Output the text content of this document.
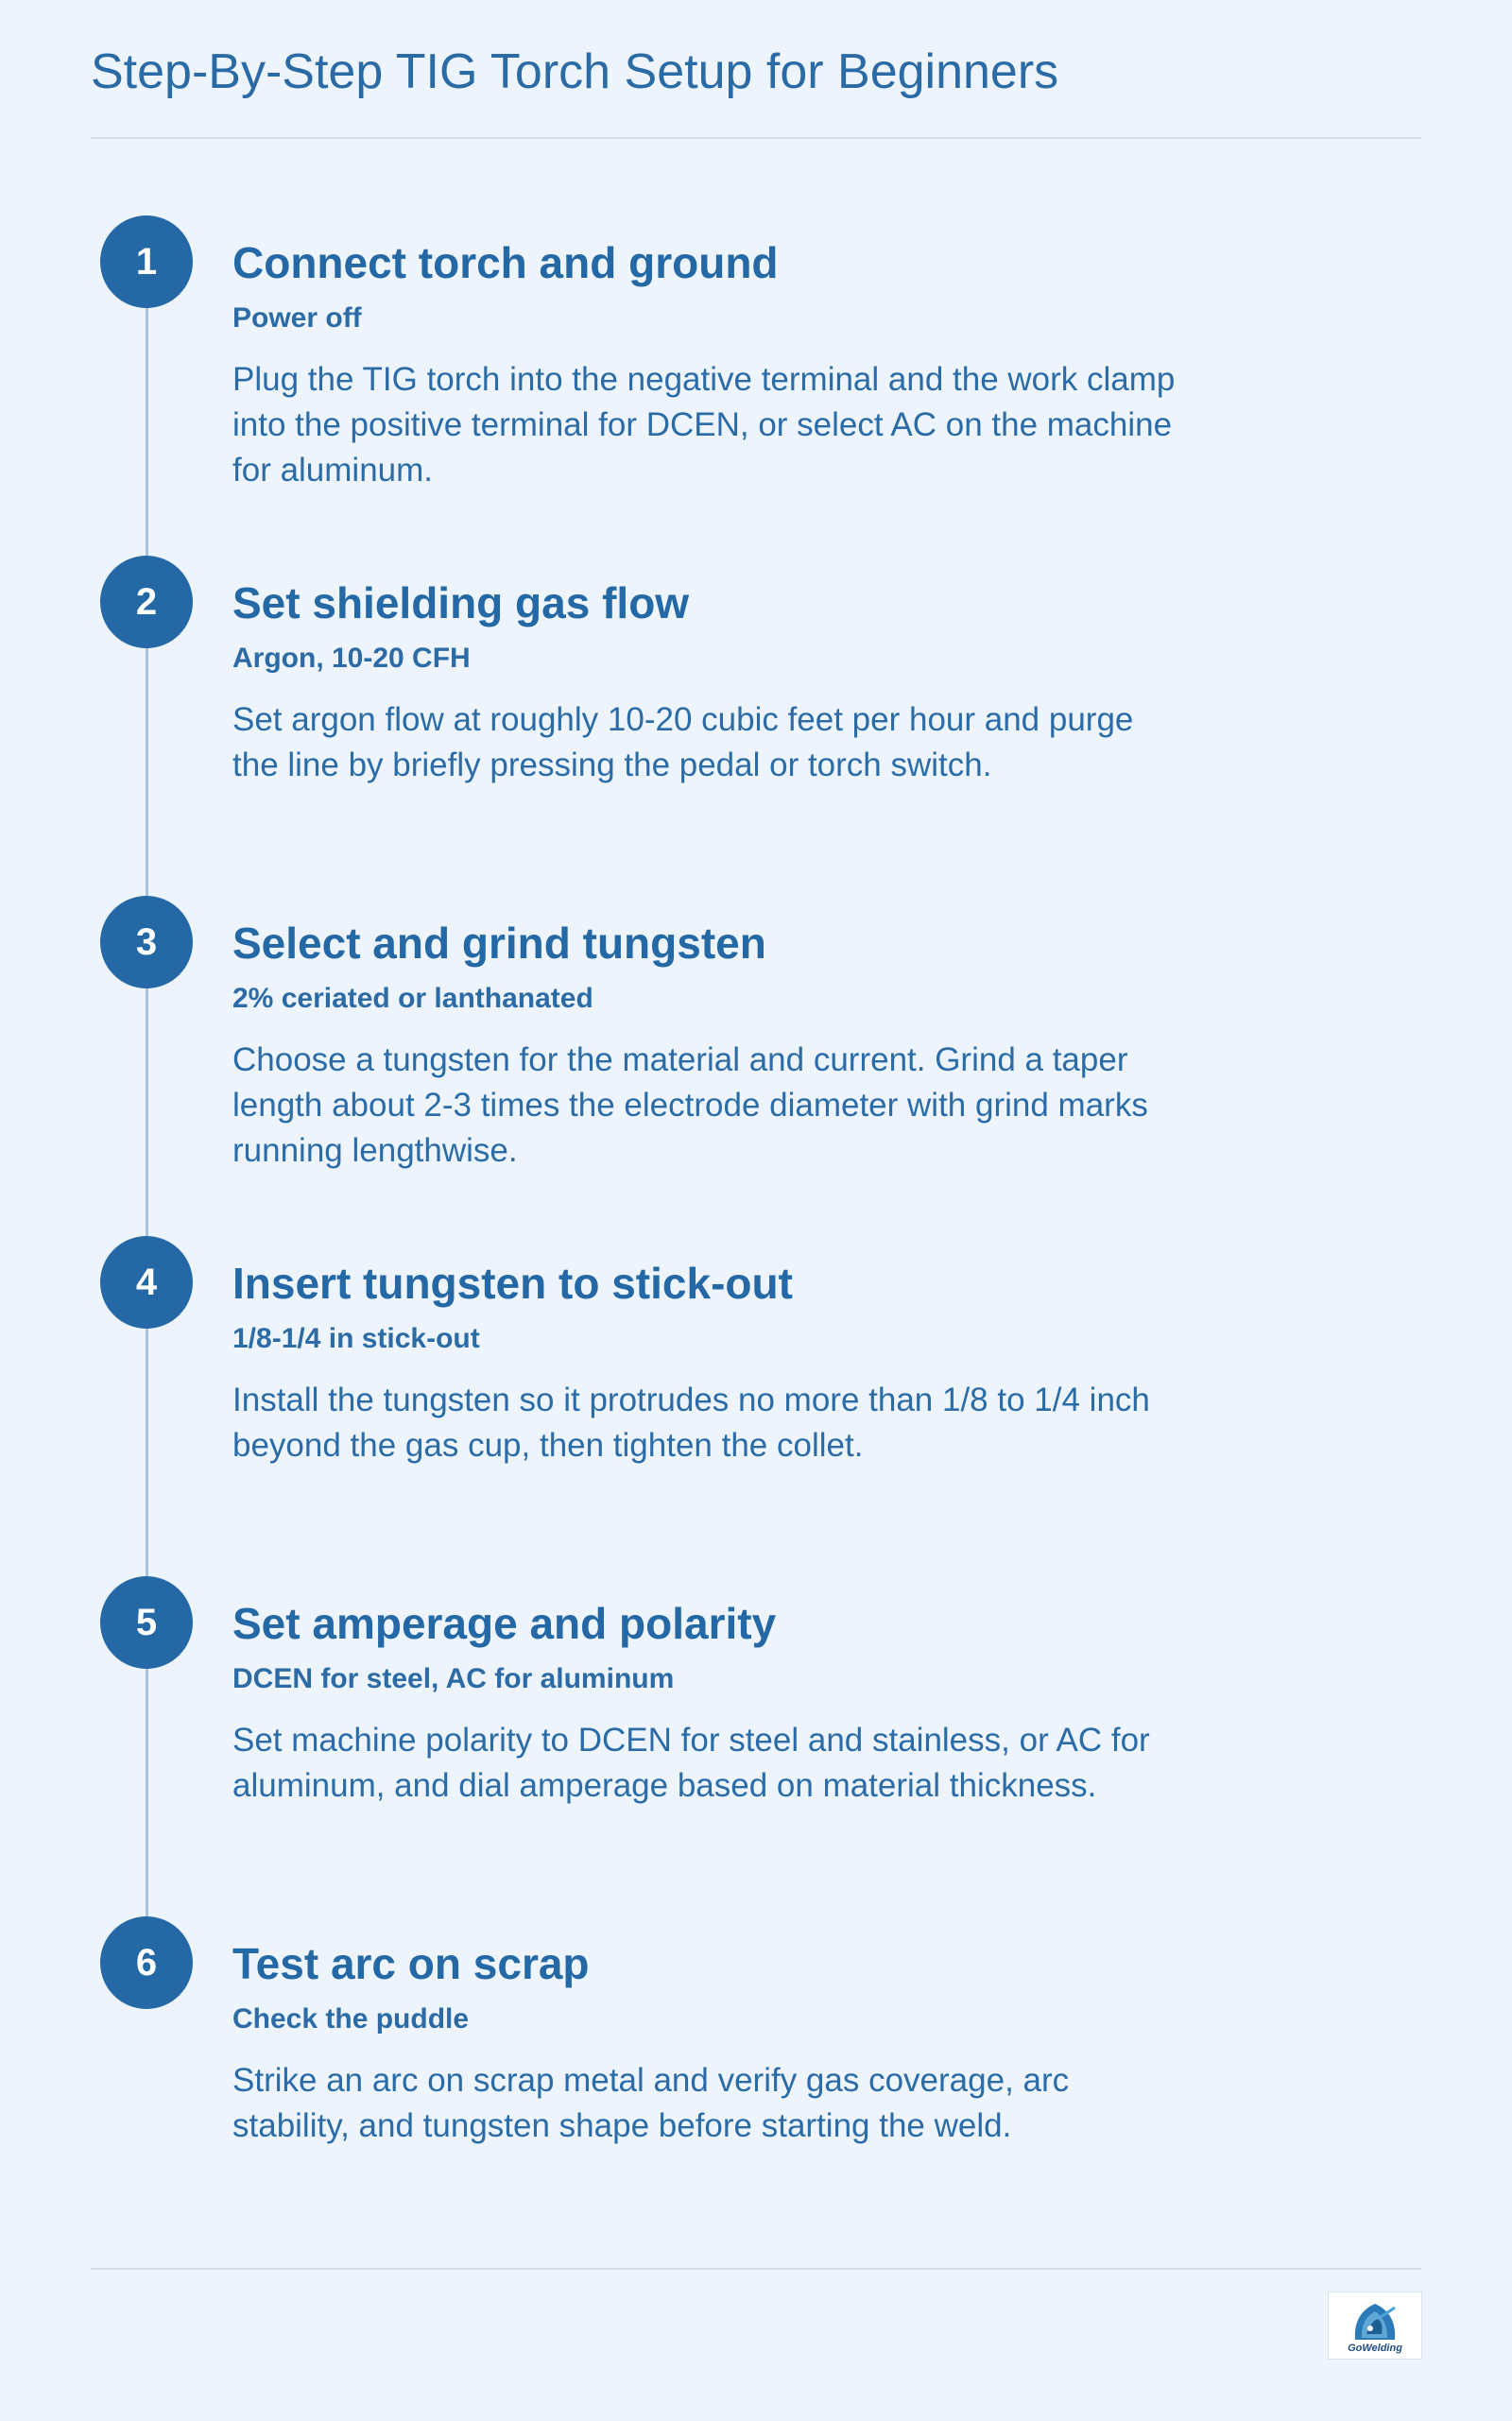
Step-By-Step TIG Torch Setup for Beginners
1	Connect torch and ground
Power off

Plug the TIG torch into the negative terminal and the work clamp into the positive terminal for DCEN, or select AC on the machine for aluminum.

2	Set shielding gas flow
Argon, 10-20 CFH

Set argon flow at roughly 10-20 cubic feet per hour and purge the line by briefly pressing the pedal or torch switch.

3	Select and grind tungsten
2% ceriated or lanthanated

Choose a tungsten for the material and current. Grind a taper length about 2-3 times the electrode diameter with grind marks running lengthwise.

4	Insert tungsten to stick-out
1/8-1/4 in stick-out

Install the tungsten so it protrudes no more than 1/8 to 1/4 inch beyond the gas cup, then tighten the collet.

5	Set amperage and polarity
DCEN for steel, AC for aluminum

Set machine polarity to DCEN for steel and stainless, or AC for aluminum, and dial amperage based on material thickness.

6	Test arc on scrap
Check the puddle

Strike an arc on scrap metal and verify gas coverage, arc stability, and tungsten shape before starting the weld.

GoWelding
